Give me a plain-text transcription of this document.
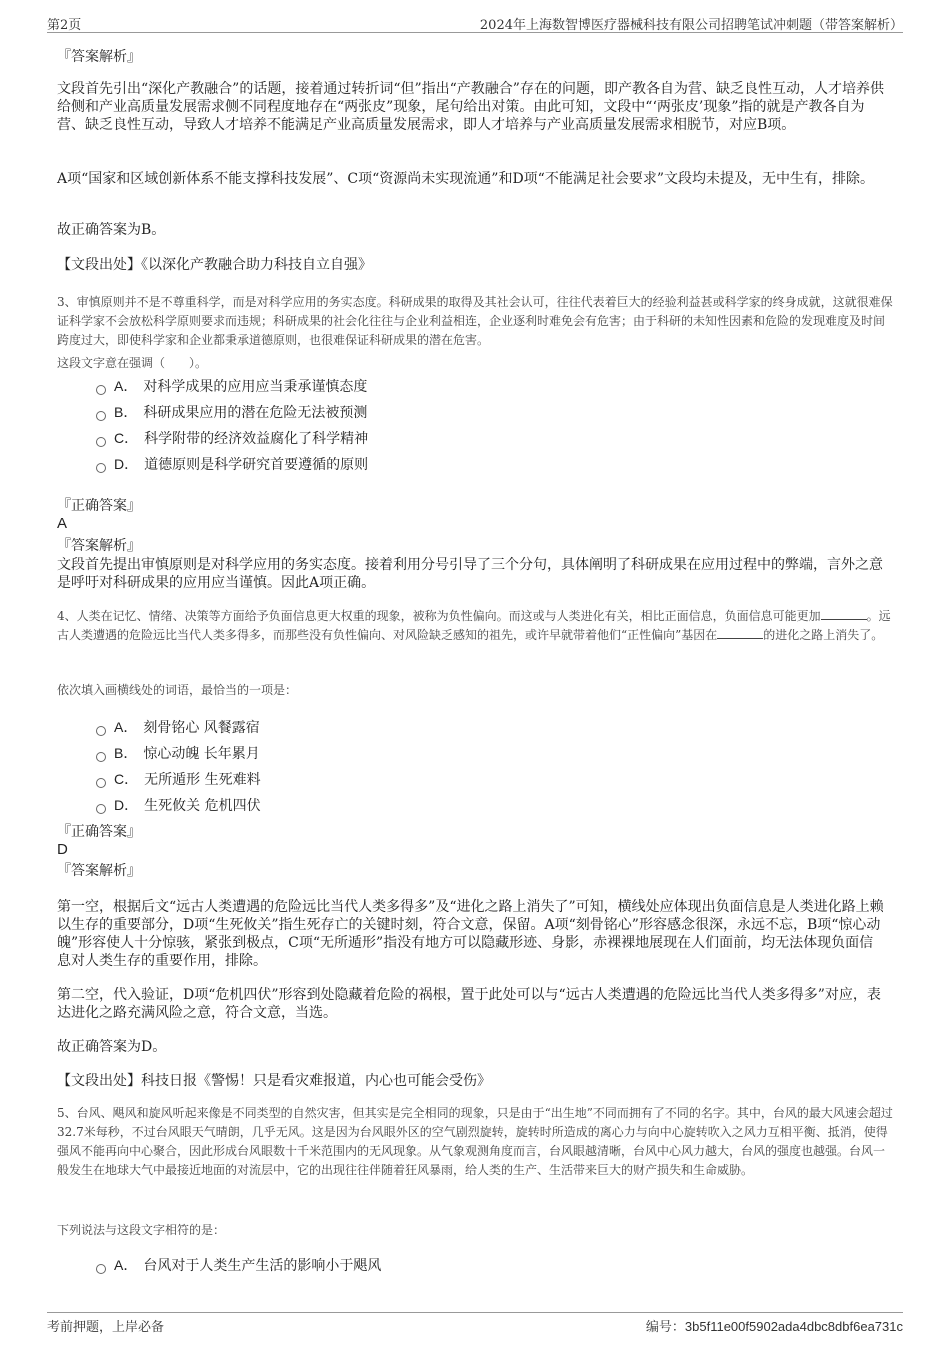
第2页	2024年上海数智博医疗器械科技有限公司招聘笔试冲刺题（带答案解析）
『答案解析』
文段首先引出“深化产教融合”的话题，接着通过转折词“但”指出“产教融合”存在的问题，即产教各自为营、缺乏良性互动，人才培养供给侧和产业高质量发展需求侧不同程度地存在“两张皮”现象，尾句给出对策。由此可知，文段中“‘两张皮’现象”指的就是产教各自为营、缺乏良性互动，导致人才培养不能满足产业高质量发展需求，即人才培养与产业高质量发展需求相脱节，对应B项。
A项“国家和区域创新体系不能支撑科技发展”、C项“资源尚未实现流通”和D项“不能满足社会要求”文段均未提及，无中生有，排除。
故正确答案为B。
【文段出处】《以深化产教融合助力科技自立自强》
3、审慎原则并不是不尊重科学，而是对科学应用的务实态度。科研成果的取得及其社会认可，往往代表着巨大的经验利益甚或科学家的终身成就，这就很难保证科学家不会放松科学原则要求而违规；科研成果的社会化往往与企业利益相连，企业逐利时难免会有危害；由于科研的未知性因素和危险的发现难度及时间跨度过大，即使科学家和企业都秉承道德原则，也很难保证科研成果的潜在危害。
这段文字意在强调（　　）。
A． 对科学成果的应用应当秉承谨慎态度
B． 科研成果应用的潜在危险无法被预测
C． 科学附带的经济效益腐化了科学精神
D． 道德原则是科学研究首要遵循的原则
『正确答案』
A
『答案解析』
文段首先提出审慎原则是对科学应用的务实态度。接着利用分号引导了三个分句，具体阐明了科研成果在应用过程中的弊端，言外之意是呼吁对科研成果的应用应当谨慎。因此A项正确。
4、人类在记忆、情绪、决策等方面给予负面信息更大权重的现象，被称为负性偏向。而这或与人类进化有关，相比正面信息，负面信息可能更加	。远古人类遭遇的危险远比当代人类多得多，而那些没有负性偏向、对风险缺乏感知的祖先，或许早就带着他们“正性偏向”基因在	的进化之路上消失了。
依次填入画横线处的词语，最恰当的一项是：
A． 刻骨铭心 风餐露宿
B． 惊心动魄 长年累月
C． 无所遁形 生死难料
D． 生死攸关 危机四伏
『正确答案』
D
『答案解析』
第一空，根据后文“远古人类遭遇的危险远比当代人类多得多”及“进化之路上消失了”可知，横线处应体现出负面信息是人类进化路上赖以生存的重要部分，D项“生死攸关”指生死存亡的关键时刻，符合文意，保留。A项“刻骨铭心”形容感念很深，永远不忘，B项“惊心动魄”形容使人十分惊骇，紧张到极点，C项“无所遁形”指没有地方可以隐藏形迹、身影，赤裸裸地展现在人们面前，均无法体现负面信息对人类生存的重要作用，排除。
第二空，代入验证，D项“危机四伏”形容到处隐藏着危险的祸根，置于此处可以与“远古人类遭遇的危险远比当代人类多得多”对应，表达进化之路充满风险之意，符合文意，当选。
故正确答案为D。
【文段出处】科技日报《警惕！只是看灾难报道，内心也可能会受伤》
5、台风、飓风和旋风听起来像是不同类型的自然灾害，但其实是完全相同的现象，只是由于“出生地”不同而拥有了不同的名字。其中，台风的最大风速会超过32.7米每秒，不过台风眼天气晴朗，几乎无风。这是因为台风眼外区的空气剧烈旋转，旋转时所造成的离心力与向中心旋转吹入之风力互相平衡、抵消，使得强风不能再向中心聚合，因此形成台风眼数十千米范围内的无风现象。从气象观测角度而言，台风眼越清晰，台风中心风力越大，台风的强度也越强。台风一般发生在地球大气中最接近地面的对流层中，它的出现往往伴随着狂风暴雨，给人类的生产、生活带来巨大的财产损失和生命威胁。
下列说法与这段文字相符的是：
A． 台风对于人类生产生活的影响小于飓风
考前押题，上岸必备	编号：3b5f11e00f5902ada4dbc8dbf6ea731c
